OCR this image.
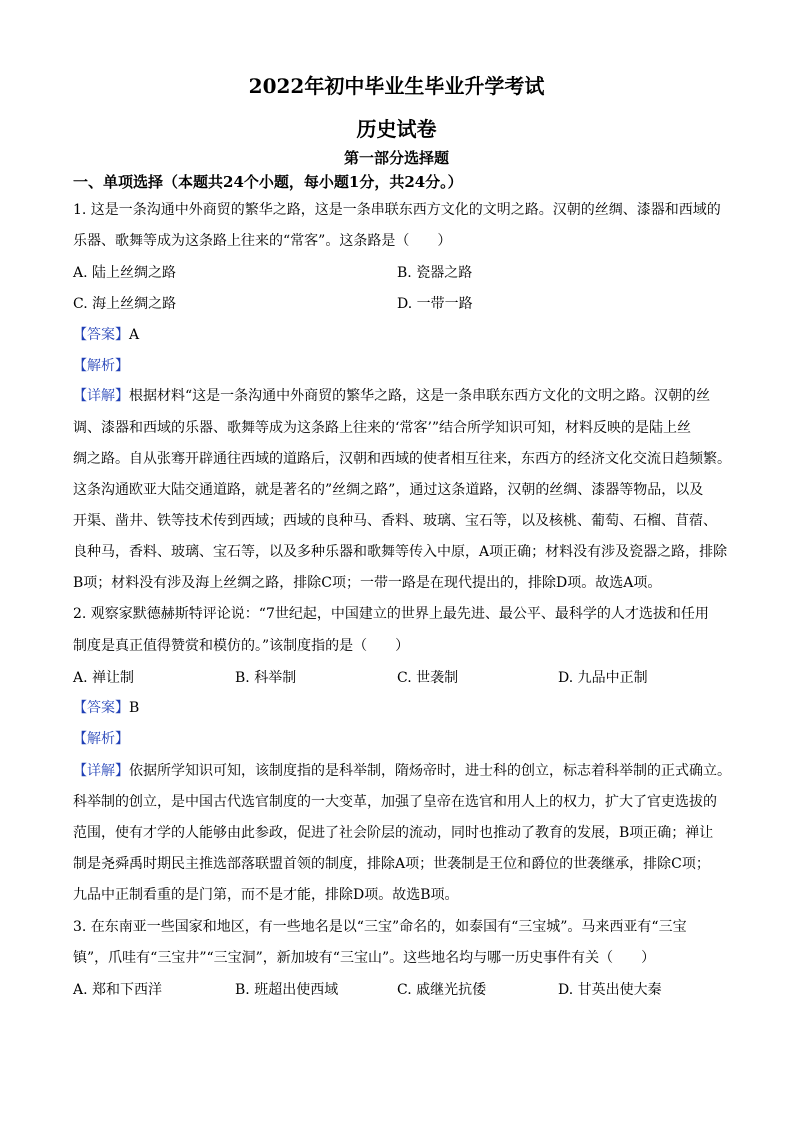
2022年初中毕业生毕业升学考试
历史试卷
第一部分选择题
一、单项选择（本题共24个小题，每小题1分，共24分。）
1. 这是一条沟通中外商贸的繁华之路，这是一条串联东西方文化的文明之路。汉朝的丝绸、漆器和西域的
乐器、歌舞等成为这条路上往来的“常客”。这条路是（　　）
A. 陆上丝绸之路	B. 瓷器之路
C. 海上丝绸之路	D. 一带一路
【答案】A
【解析】
【详解】根据材料“这是一条沟通中外商贸的繁华之路，这是一条串联东西方文化的文明之路。汉朝的丝
调、漆器和西域的乐器、歌舞等成为这条路上往来的‘常客’”结合所学知识可知，材料反映的是陆上丝
绸之路。自从张骞开辟通往西域的道路后，汉朝和西域的使者相互往来，东西方的经济文化交流日趋频繁。
这条沟通欧亚大陆交通道路，就是著名的”丝绸之路”，通过这条道路，汉朝的丝绸、漆器等物品，以及
开渠、凿井、铁等技术传到西域；西域的良种马、香料、玻璃、宝石等，以及核桃、葡萄、石榴、苜蓿、
良种马，香料、玻璃、宝石等，以及多种乐器和歌舞等传入中原，A项正确；材料没有涉及瓷器之路，排除
B项；材料没有涉及海上丝绸之路，排除C项；一带一路是在现代提出的，排除D项。故选A项。
2. 观察家默德赫斯特评论说：“7世纪起，中国建立的世界上最先进、最公平、最科学的人才选拔和任用
制度是真正值得赞赏和模仿的。”该制度指的是（　　）
A. 禅让制	B. 科举制	C. 世袭制	D. 九品中正制
【答案】B
【解析】
【详解】依据所学知识可知，该制度指的是科举制，隋炀帝时，进士科的创立，标志着科举制的正式确立。
科举制的创立，是中国古代选官制度的一大变革，加强了皇帝在选官和用人上的权力，扩大了官吏选拔的
范围，使有才学的人能够由此参政，促进了社会阶层的流动，同时也推动了教育的发展，B项正确；禅让
制是尧舜禹时期民主推选部落联盟首领的制度，排除A项；世袭制是王位和爵位的世袭继承，排除C项；
九品中正制看重的是门第，而不是才能，排除D项。故选B项。
3. 在东南亚一些国家和地区，有一些地名是以“三宝”命名的，如泰国有“三宝城”。马来西亚有“三宝
镇”，爪哇有“三宝井”“三宝洞”，新加坡有“三宝山”。这些地名均与哪一历史事件有关（　　）
A. 郑和下西洋	B. 班超出使西域	C. 戚继光抗倭	D. 甘英出使大秦
